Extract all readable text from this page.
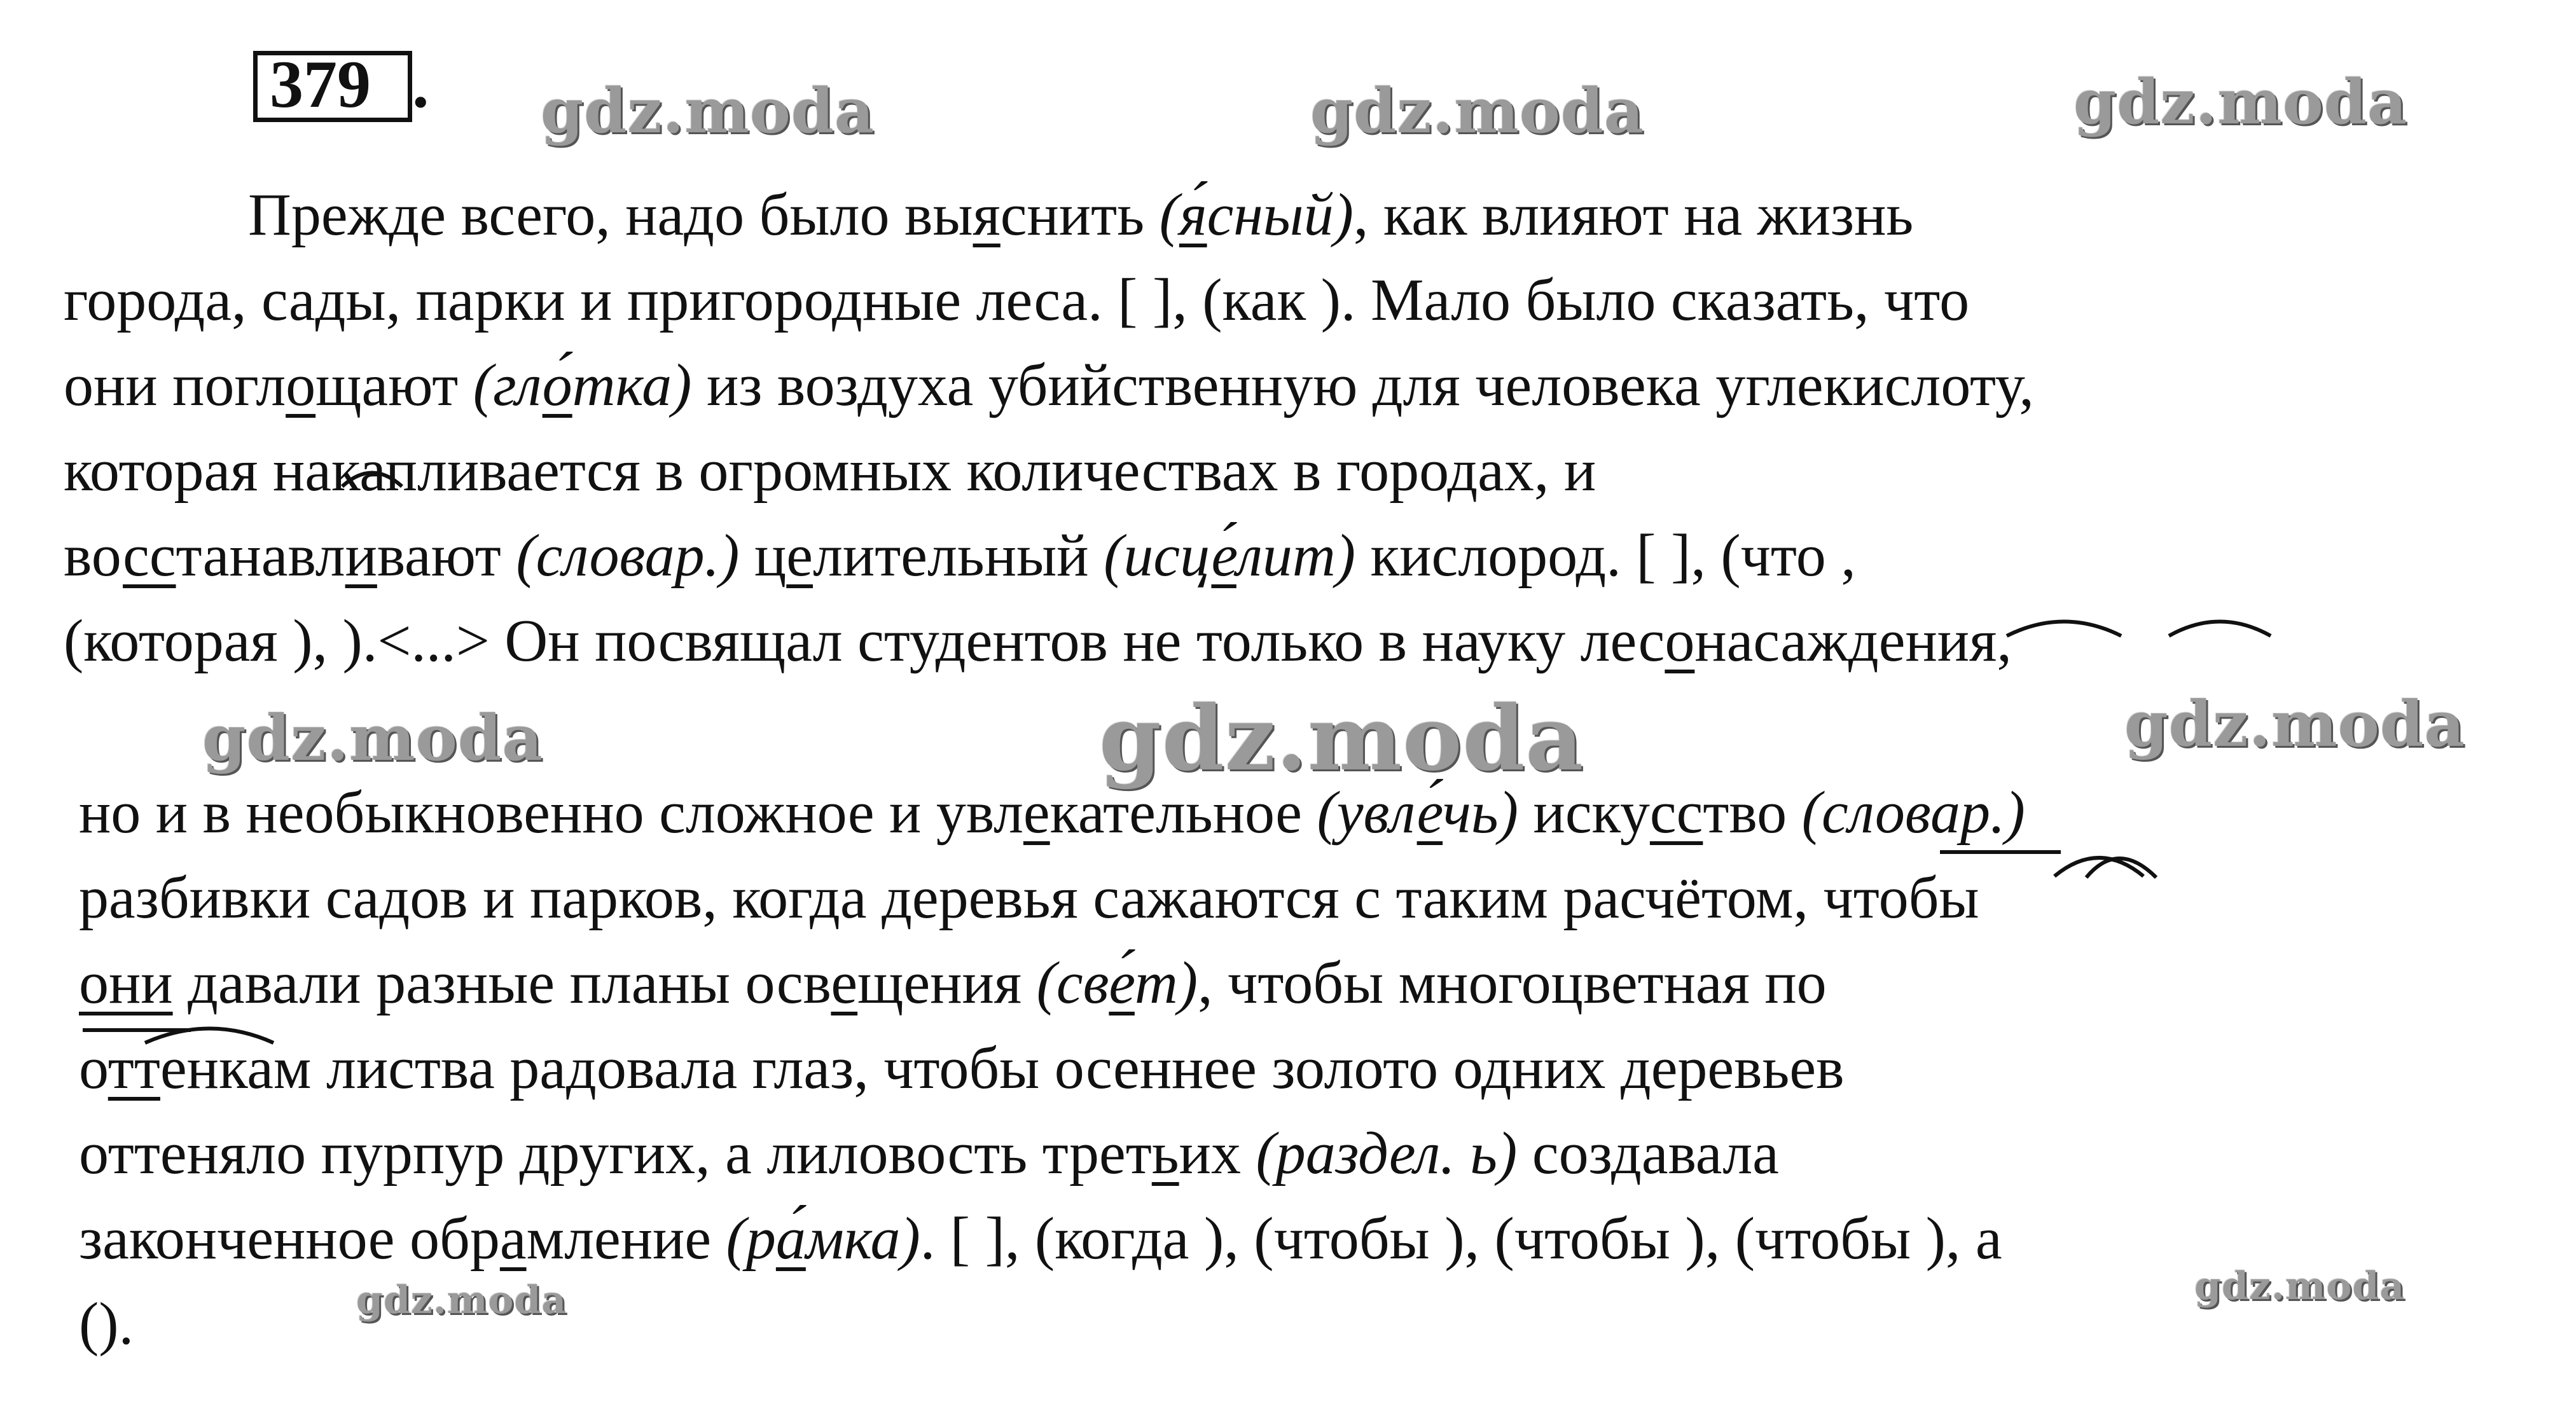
379 . gdz.moda	gdz.moda	gdz.moda
gdz.moda	gdz.moda	gdz.moda
gdz.moda	gdz.moda
Прежде всего, надо было выяснить (я́сный), как влияют на жизнь
города, сады, парки и пригородные леса. [ ], (как ). Мало было сказать, что
они поглощают (гло́тка) из воздуха убийственную для человека углекислоту,
которая накапливается в огромных количествах в городах, и
восстанавливают (словар.) целительный (исце́лит) кислород. [ ], (что ,
(которая ), ).<...> Он посвящал студентов не только в науку лесонасаждения,
но и в необыкновенно сложное и увлекательное (увле́чь) искусство (словар.)
разбивки садов и парков, когда деревья сажаются с таким расчётом, чтобы
они давали разные планы освещения (све́т), чтобы многоцветная по
оттенкам листва радовала глаз, чтобы осеннее золото одних деревьев
оттеняло пурпур других, а лиловость третьих (раздел. ь) создавала
законченное обрамление (ра́мка). [ ], (когда ), (чтобы ), (чтобы ), (чтобы ), а
().
